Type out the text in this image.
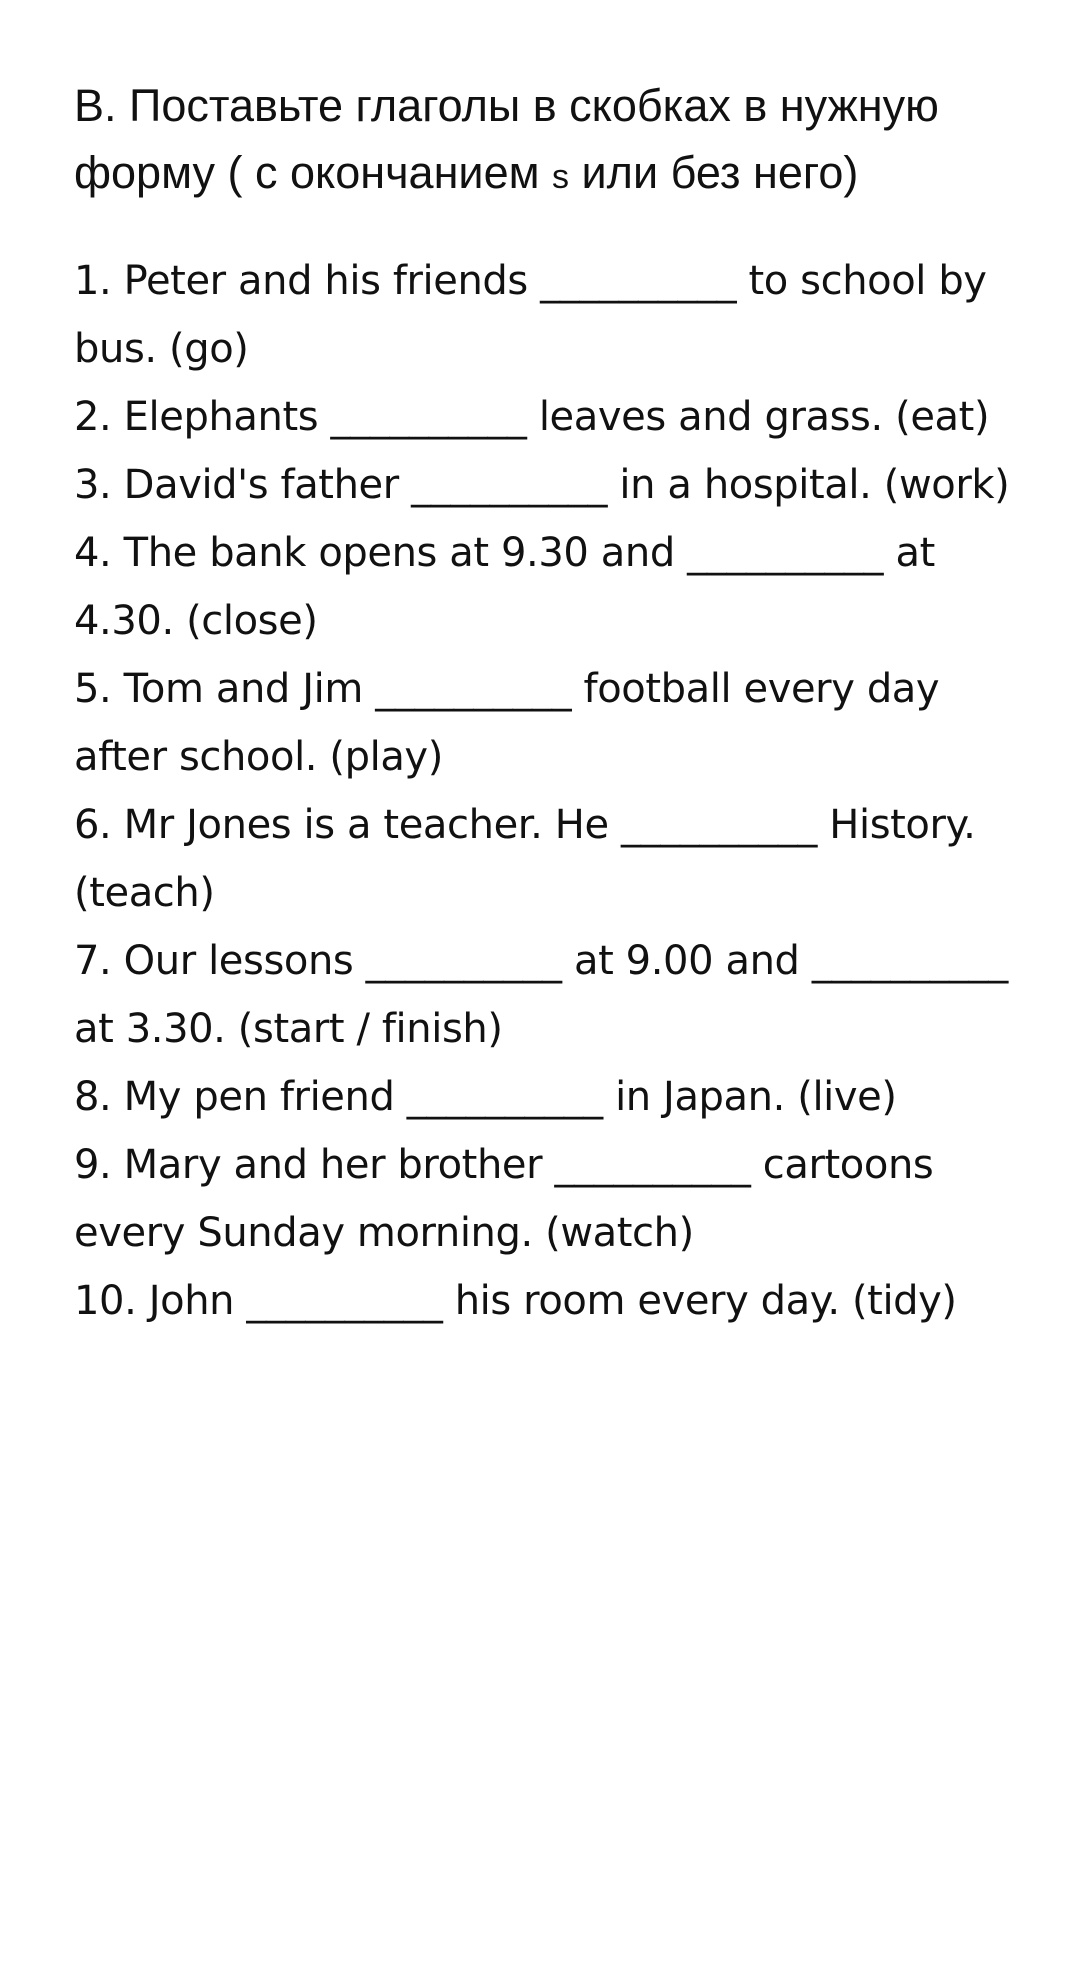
В. Поставьте глаголы в скобках в нужную форму ( с окончанием s или без него)
1. Peter and his friends __________ to school by bus. (go)
2. Elephants __________ leaves and grass. (eat)
3. David's father __________ in a hospital. (work)
4. The bank opens at 9.30 and __________ at 4.30. (close)
5. Tom and Jim __________ football every day after school. (play)
6. Mr Jones is a teacher. He __________ History. (teach)
7. Our lessons __________ at 9.00 and __________ at 3.30. (start / finish)
8. My pen friend __________ in Japan. (live)
9. Mary and her brother __________ cartoons every Sunday morning. (watch)
10. John __________ his room every day. (tidy)
